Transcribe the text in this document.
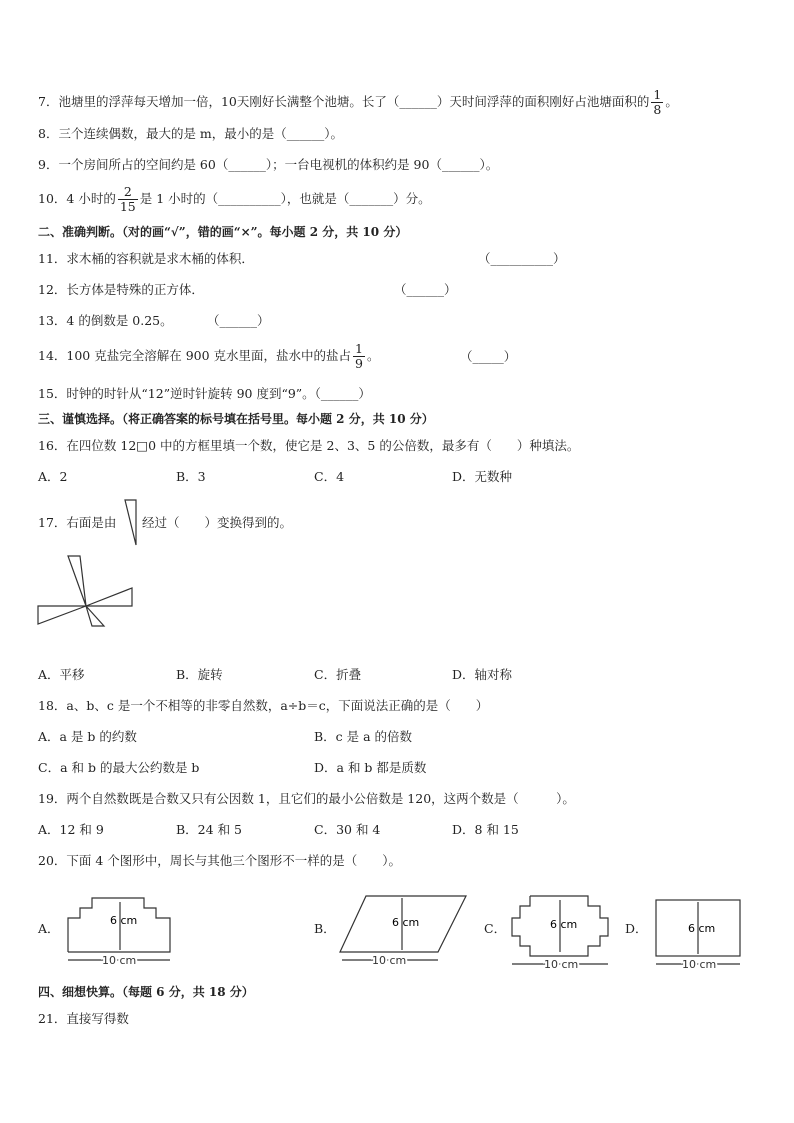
7．池塘里的浮萍每天增加一倍，10天刚好长满整个池塘。长了（______）天时间浮萍的面积刚好占池塘面积的 $\frac{1}{8}$ 。
8．三个连续偶数，最大的是 m，最小的是（______）。
9．一个房间所占的空间约是 60（______）；一台电视机的体积约是 90（______）。
10．4 小时的 $\frac{2}{15}$ 是 1 小时的（__________），也就是（_______）分。
二、准确判断。（对的画“√”，错的画“×”。每小题 2 分，共 10 分）
11．求木桶的容积就是求木桶的体积．	（__________）
12．长方体是特殊的正方体．	（______）
13．4 的倒数是 0.25。	（______）
14．100 克盐完全溶解在 900 克水里面，盐水中的盐占 $\frac{1}{9}$ 。	（_____）
15．时钟的时针从“12”逆时针旋转 90 度到“9”。（______）
三、谨慎选择。（将正确答案的标号填在括号里。每小题 2 分，共 10 分）
16．在四位数 12□0 中的方框里填一个数，使它是 2、3、5 的公倍数，最多有（　　）种填法。
A．2	B．3	C．4	D．无数种
17．右面是由 经过（　　）变换得到的。
A．平移	B．旋转	C．折叠	D．轴对称
18．a、b、c 是一个不相等的非零自然数，a÷b＝c，下面说法正确的是（　　）
A．a 是 b 的约数	B．c 是 a 的倍数
C．a 和 b 的最大公约数是 b	D．a 和 b 都是质数
19．两个自然数既是合数又只有公因数 1，且它们的最小公倍数是 120，这两个数是（　　　）。
A．12 和 9	B．24 和 5	C．30 和 4	D．8 和 15
20．下面 4 个图形中，周长与其他三个图形不一样的是（　　）。
A．
6 cm
10 cm
B．	6 cm
10 cm
C．	6 cm
10 cm
D．	6 cm
10 cm
四、细想快算。（每题 6 分，共 18 分）
21．直接写得数
